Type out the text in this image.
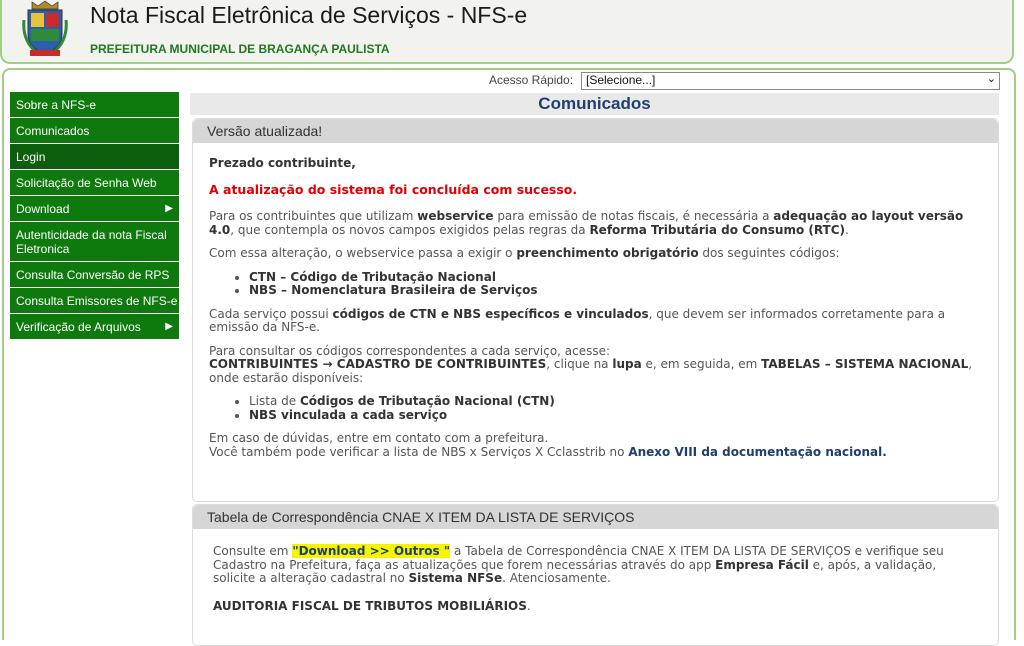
Nota Fiscal Eletrônica de Serviços - NFS-e
PREFEITURA MUNICIPAL DE BRAGANÇA PAULISTA
Acesso Rápido: [Selecione...]	⌄
Sobre a NFS-e
Comunicados
Login
Solicitação de Senha Web
Download	▶
Autenticidade da nota Fiscal Eletronica
Consulta Conversão de RPS
Consulta Emissores de NFS-e
Verificação de Arquivos ▶
Comunicados
Versão atualizada!

Prezado contribuinte,

A atualização do sistema foi concluída com sucesso.

Para os contribuintes que utilizam webservice para emissão de notas fiscais, é necessária a adequação ao layout versão 4.0, que contempla os novos campos exigidos pelas regras da Reforma Tributária do Consumo (RTC).

Com essa alteração, o webservice passa a exigir o preenchimento obrigatório dos seguintes códigos:

• CTN – Código de Tributação Nacional
• NBS – Nomenclatura Brasileira de Serviços

Cada serviço possui códigos de CTN e NBS específicos e vinculados, que devem ser informados corretamente para a emissão da NFS-e.

Para consultar os códigos correspondentes a cada serviço, acesse:
CONTRIBUINTES → CADASTRO DE CONTRIBUINTES, clique na lupa e, em seguida, em TABELAS – SISTEMA NACIONAL, onde estarão disponíveis:

• Lista de Códigos de Tributação Nacional (CTN)
• NBS vinculada a cada serviço

Em caso de dúvidas, entre em contato com a prefeitura.
Você também pode verificar a lista de NBS x Serviços X Cclasstrib no Anexo VIII da documentação nacional.

Tabela de Correspondência CNAE X ITEM DA LISTA DE SERVIÇOS

Consulte em "Download >> Outros " a Tabela de Correspondência CNAE X ITEM DA LISTA DE SERVIÇOS e verifique seu Cadastro na Prefeitura, faça as atualizações que forem necessárias através do app Empresa Fácil e, após, a validação, solicite a alteração cadastral no Sistema NFSe. Atenciosamente.

AUDITORIA FISCAL DE TRIBUTOS MOBILIÁRIOS.
